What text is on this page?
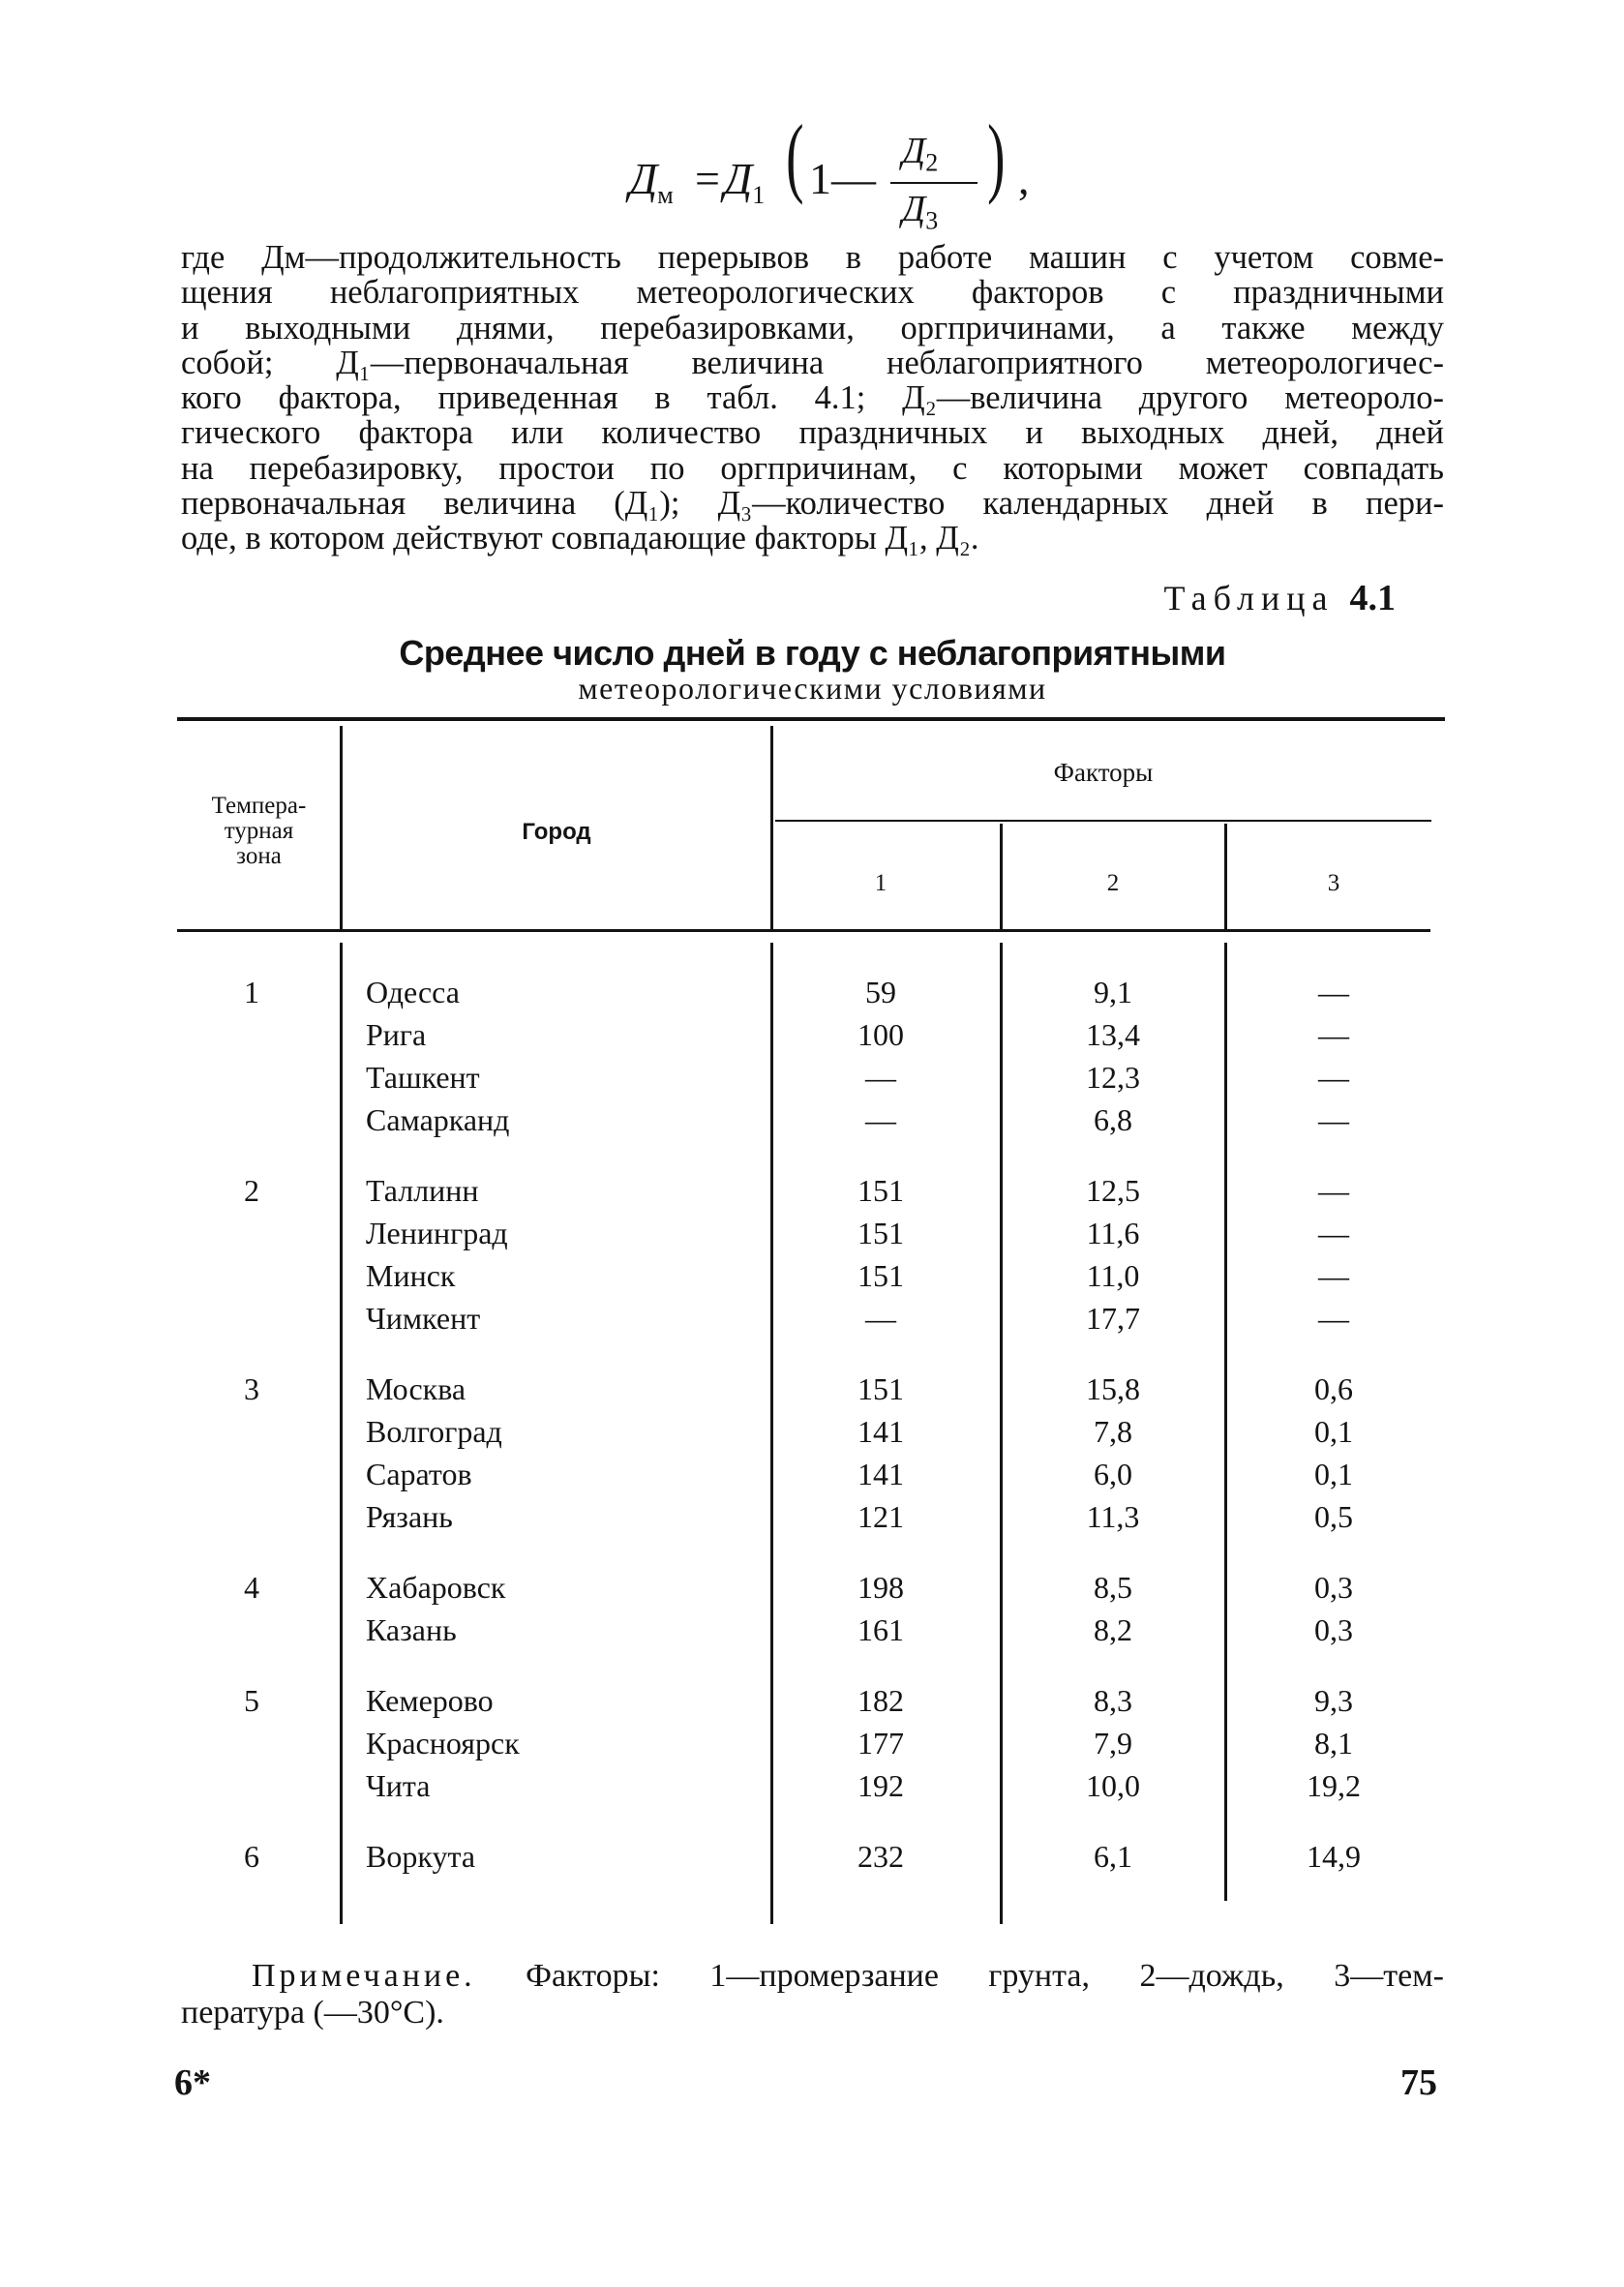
$Д_м = Д_1$ ( 1—
$Д_2$
$Д_3$
) ,

где Дм—продолжительность перерывов в работе машин с учетом совме-

щения неблагоприятных метеорологических факторов с праздничными

и выходными днями, перебазировками, оргпричинами, а также между

собой; Д₁—первоначальная величина неблагоприятного метеорологичес-

кого фактора, приведенная в табл. 4.1; Д₂—величина другого метеороло-

гического фактора или количество праздничных и выходных дней, дней

на перебазировку, простои по оргпричинам, с которыми может совпадать

первоначальная величина (Д₁); Д₃—количество календарных дней в пери-

оде, в котором действуют совпадающие факторы Д₁, Д₂.

Таблица 4.1
Среднее число дней в году с неблагоприятными
метеорологическими условиями
Темпера-
турная
зона
Город
Факторы
1	2	3
1	Одесса	59	9,1	—
Рига	100	13,4	—
Ташкент	—	12,3	—
Самарканд	—	6,8	—
2	Таллинн	151	12,5	—
Ленинград	151	11,6	—
Минск	151	11,0	—
Чимкент	—	17,7	—
3	Москва	151	15,8	0,6
Волгоград	141	7,8	0,1
Саратов	141	6,0	0,1
Рязань	121	11,3	0,5
4	Хабаровск	198	8,5	0,3
Казань	161	8,2	0,3
5	Кемерово	182	8,3	9,3
Красноярск	177	7,9	8,1
Чита	192	10,0	19,2
6	Воркута	232	6,1	14,9

Примечание. Факторы: 1—промерзание грунта, 2—дождь, 3—тем-

пература (—30°С).

6*	75
